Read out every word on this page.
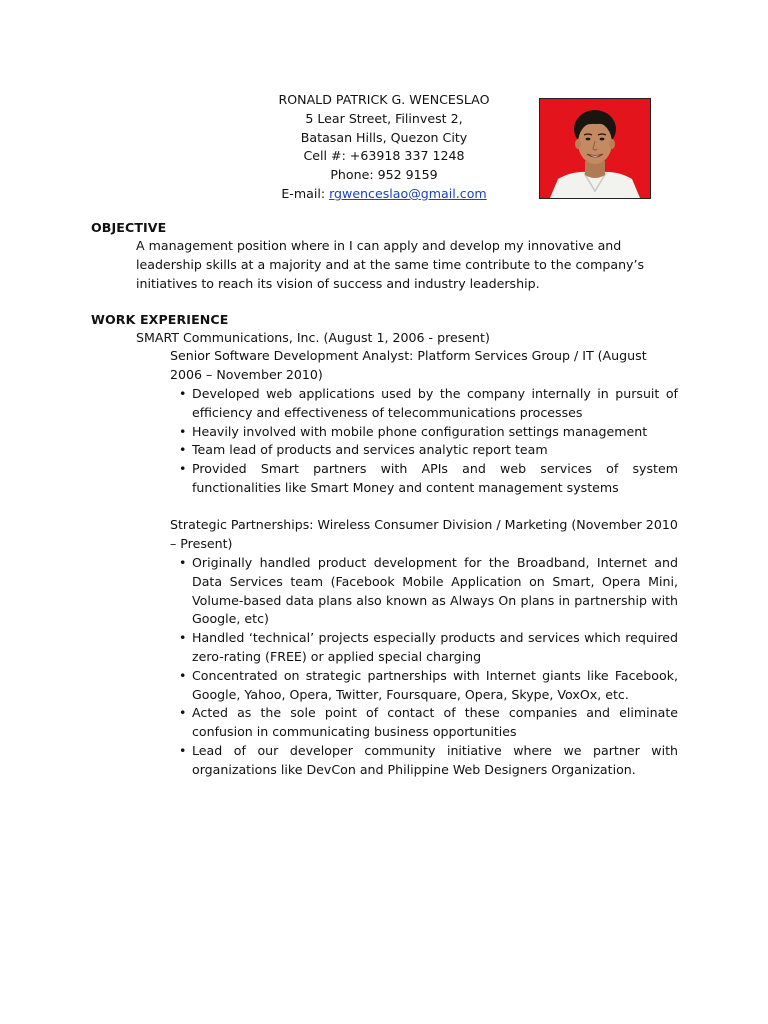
RONALD PATRICK G. WENCESLAO
5 Lear Street, Filinvest 2,
Batasan Hills, Quezon City
Cell #: +63918 337 1248
Phone: 952 9159
E-mail: rgwenceslao@gmail.com
OBJECTIVE
A management position where in I can apply and develop my innovative and leadership skills at a majority and at the same time contribute to the company’s initiatives to reach its vision of success and industry leadership.
WORK EXPERIENCE
SMART Communications, Inc. (August 1, 2006 - present)
Senior Software Development Analyst: Platform Services Group / IT (August 2006 – November 2010)
• Developed web applications used by the company internally in pursuit of efficiency and effectiveness of telecommunications processes
• Heavily involved with mobile phone configuration settings management
• Team lead of products and services analytic report team
• Provided Smart partners with APIs and web services of system functionalities like Smart Money and content management systems
Strategic Partnerships: Wireless Consumer Division / Marketing (November 2010 – Present)
• Originally handled product development for the Broadband, Internet and Data Services team (Facebook Mobile Application on Smart, Opera Mini, Volume-based data plans also known as Always On plans in partnership with Google, etc)
• Handled ‘technical’ projects especially products and services which required zero-rating (FREE) or applied special charging
• Concentrated on strategic partnerships with Internet giants like Facebook, Google, Yahoo, Opera, Twitter, Foursquare, Opera, Skype, VoxOx, etc.
• Acted as the sole point of contact of these companies and eliminate confusion in communicating business opportunities
• Lead of our developer community initiative where we partner with organizations like DevCon and Philippine Web Designers Organization.
